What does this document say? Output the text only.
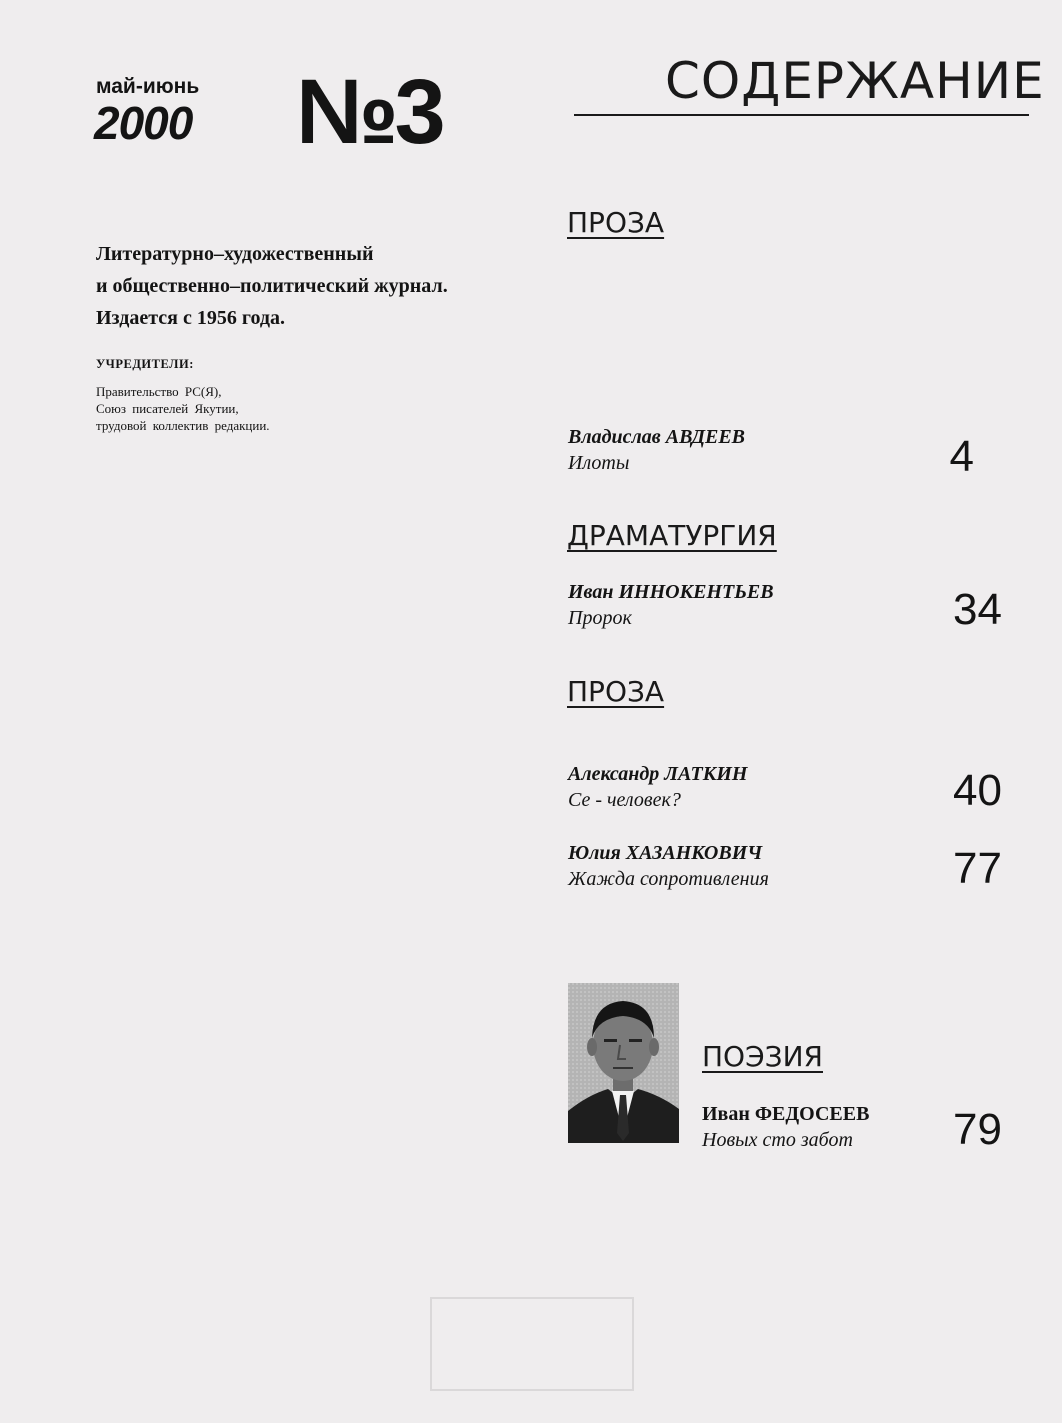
май-июнь
2000 №3	СОДЕРЖАНИЕ
Литературно–художественный
и общественно–политический журнал.
Издается с 1956 года.
УЧРЕДИТЕЛИ:
Правительство РС(Я),
Союз писателей Якутии,
трудовой коллектив редакции.
ПРОЗА
Владислав АВДЕЕВ
Илоты	4
ДРАМАТУРГИЯ
Иван ИННОКЕНТЬЕВ
Пророк	34
ПРОЗА
Александр ЛАТКИН
Се - человек?	40
Юлия ХАЗАНКОВИЧ
Жажда сопротивления	77
ПОЭЗИЯ
Иван ФЕДОСЕЕВ
Новых сто забот	79
